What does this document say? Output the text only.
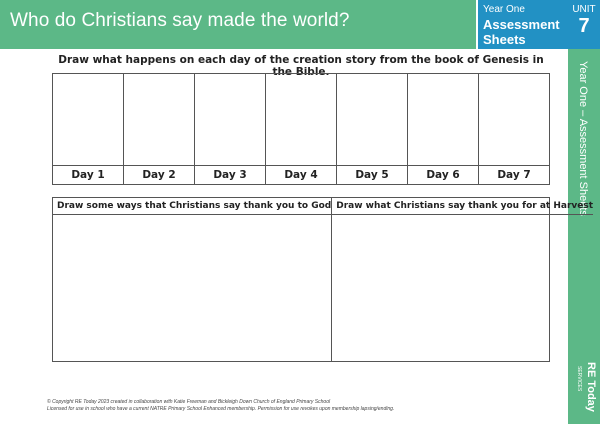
Who do Christians say made the world?
Year One
Assessment Sheets
UNIT
7
Year One – Assessment Sheets
RE Today
SERVICES
Draw what happens on each day of the creation story from the book of Genesis in the Bible.
Day 1	Day 2	Day 3	Day 4	Day 5	Day 6	Day 7
Draw some ways that Christians say thank you to God Draw what Christians say thank you for at Harvest
© Copyright RE Today 2023 created in collaboration with Katie Freeman and Bickleigh Down Church of England Primary School
Licensed for use in school who have a current NATRE Primary School Enhanced membership. Permission for use revokes upon membership lapsing/ending.
